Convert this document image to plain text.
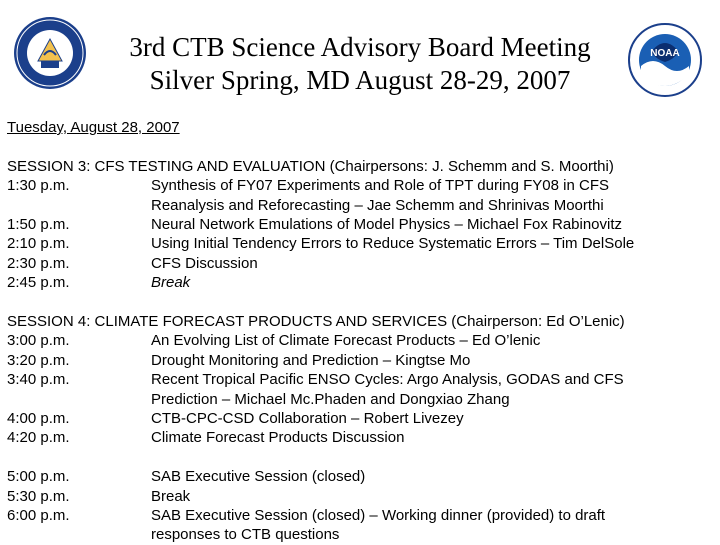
3rd CTB Science Advisory Board Meeting
Silver Spring, MD August 28-29, 2007
NOAA
Tuesday, August 28, 2007
SESSION 3: CFS TESTING AND EVALUATION (Chairpersons: J. Schemm and S. Moorthi)
1:30 p.m.	Synthesis of FY07 Experiments and Role of TPT during FY08 in CFS
Reanalysis and Reforecasting – Jae Schemm and Shrinivas Moorthi
1:50 p.m.	Neural Network Emulations of Model Physics – Michael Fox Rabinovitz
2:10 p.m.	Using Initial Tendency Errors to Reduce Systematic Errors – Tim DelSole
2:30 p.m.	CFS Discussion
2:45 p.m.	Break
SESSION 4: CLIMATE FORECAST PRODUCTS AND SERVICES (Chairperson: Ed O’Lenic)
3:00 p.m.	An Evolving List of Climate Forecast Products – Ed O’lenic
3:20 p.m.	Drought Monitoring and Prediction – Kingtse Mo
3:40 p.m.	Recent Tropical Pacific ENSO Cycles: Argo Analysis, GODAS and CFS
Prediction – Michael Mc.Phaden and Dongxiao Zhang
4:00 p.m.	CTB-CPC-CSD Collaboration – Robert Livezey
4:20 p.m.	Climate Forecast Products Discussion
5:00 p.m.	SAB Executive Session (closed)
5:30 p.m.	Break
6:00 p.m.	SAB Executive Session (closed) – Working dinner (provided) to draft
responses to CTB questions
